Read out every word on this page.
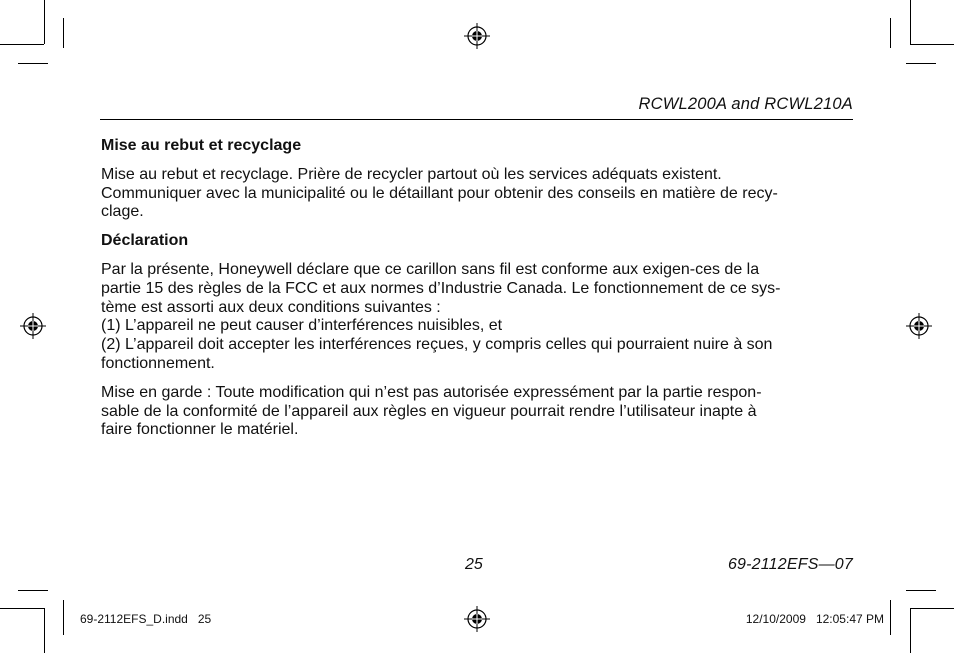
RCWL200A and RCWL210A
Mise au rebut et recyclage

Mise au rebut et recyclage. Prière de recycler partout où les services adéquats existent.
Communiquer avec la municipalité ou le détaillant pour obtenir des conseils en matière de recy-
clage.

Déclaration

Par la présente, Honeywell déclare que ce carillon sans fil est conforme aux exigen-ces de la
partie 15 des règles de la FCC et aux normes d’Industrie Canada. Le fonctionnement de ce sys-
tème est assorti aux deux conditions suivantes :
(1) L’appareil ne peut causer d’interférences nuisibles, et
(2) L’appareil doit accepter les interférences reçues, y compris celles qui pourraient nuire à son
fonctionnement.

Mise en garde : Toute modification qui n’est pas autorisée expressément par la partie respon-
sable de la conformité de l’appareil aux règles en vigueur pourrait rendre l’utilisateur inapte à
faire fonctionner le matériel.

25	69-2112EFS—07
69-2112EFS_D.indd 25	12/10/2009 12:05:47 PM
